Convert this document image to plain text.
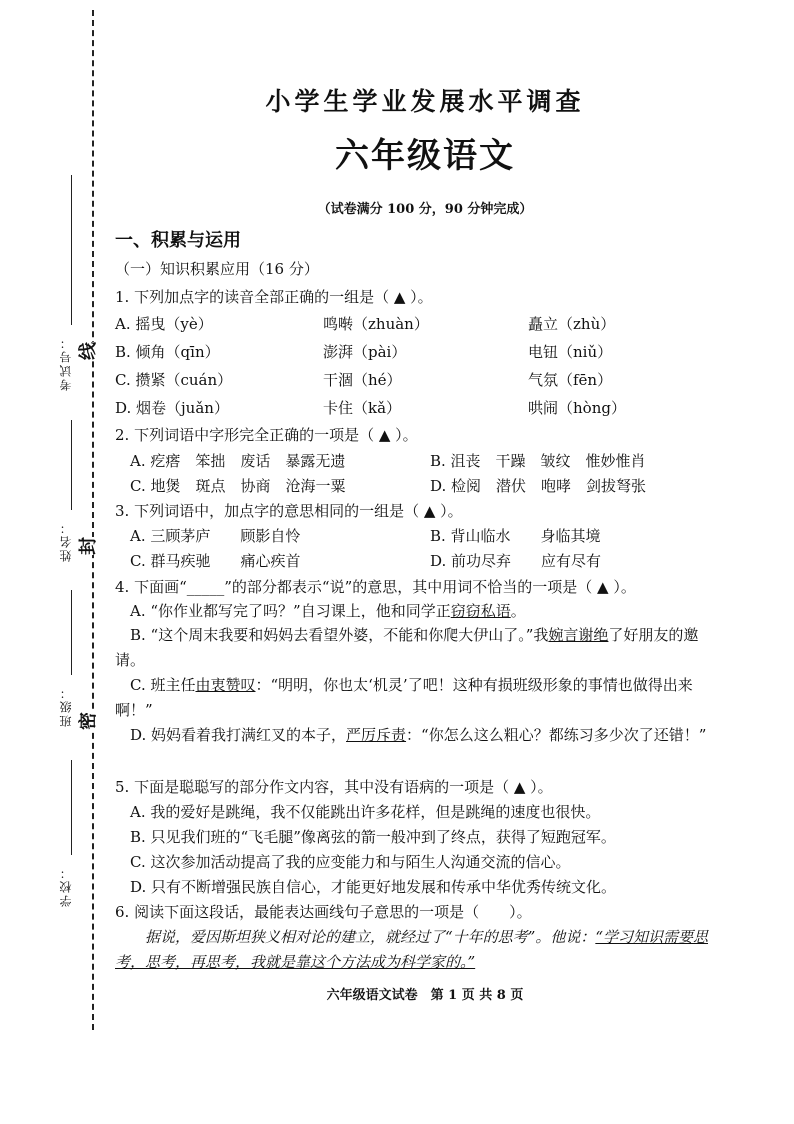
考试号：
姓名：
班级：
学校：
线
封
密
小学生学业发展水平调查
六年级语文
（试卷满分 100 分，90 分钟完成）
一、积累与运用
（一）知识积累应用（16 分）
1. 下列加点字的读音全部正确的一组是（ ▲ ）。
A. 摇曳（yè）	鸣啭（zhuàn）	矗立（zhù）
B. 倾角（qīn）	澎湃（pài）	电钮（niǔ）
C. 攒紧（cuán）	干涸（hé）	气氛（fēn）
D. 烟卷（juǎn）	卡住（kǎ）	哄闹（hòng）
2. 下列词语中字形完全正确的一项是（ ▲ ）。
A. 疙瘩　笨拙　废话　暴露无遗	B. 沮丧　干躁　皱纹　惟妙惟肖
C. 地煲　斑点　协商　沧海一粟	D. 检阅　潜伏　咆哮　剑拔弩张
3. 下列词语中，加点字的意思相同的一组是（ ▲ ）。
A. 三顾茅庐　　顾影自怜	B. 背山临水　　身临其境
C. 群马疾驰　　痛心疾首	D. 前功尽弃　　应有尽有
4. 下面画“_____”的部分都表示“说”的意思，其中用词不恰当的一项是（ ▲ ）。
A. “你作业都写完了吗？”自习课上，他和同学正窃窃私语。
B. “这个周末我要和妈妈去看望外婆，不能和你爬大伊山了。”我婉言谢绝了好朋友的邀请。
C. 班主任由衷赞叹：“明明，你也太‘机灵’了吧！这种有损班级形象的事情也做得出来啊！”
D. 妈妈看着我打满红叉的本子，严厉斥责：“你怎么这么粗心？都练习多少次了还错！”
5. 下面是聪聪写的部分作文内容，其中没有语病的一项是（ ▲ ）。
A. 我的爱好是跳绳，我不仅能跳出许多花样，但是跳绳的速度也很快。
B. 只见我们班的“飞毛腿”像离弦的箭一般冲到了终点，获得了短跑冠军。
C. 这次参加活动提高了我的应变能力和与陌生人沟通交流的信心。
D. 只有不断增强民族自信心，才能更好地发展和传承中华优秀传统文化。
6. 阅读下面这段话，最能表达画线句子意思的一项是（　　）。
据说，爱因斯坦狭义相对论的建立，就经过了“十年的思考”。他说：“学习知识需要思考，思考，再思考，我就是靠这个方法成为科学家的。”
六年级语文试卷　第 1 页 共 8 页
